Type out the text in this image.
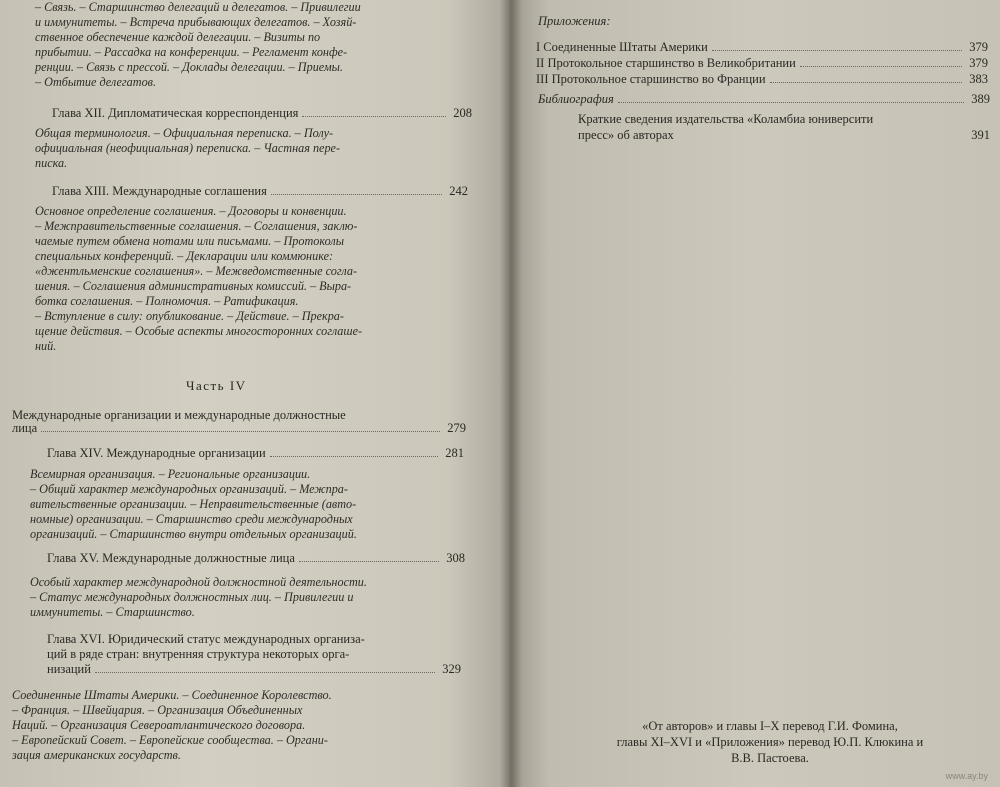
– Связь. – Старшинство делегаций и делегатов. – Привилегии
и иммунитеты. – Встреча прибывающих делегатов. – Хозяй-
ственное обеспечение каждой делегации. – Визиты по
прибытии. – Рассадка на конференции. – Регламент конфе-
ренции. – Связь с прессой. – Доклады делегации. – Приемы.
– Отбытие делегатов.
Глава XII. Дипломатическая корреспонденция	208
Общая терминология. – Официальная переписка. – Полу-
официальная (неофициальная) переписка. – Частная пере-
писка.
Глава XIII. Международные соглашения	242
Основное определение соглашения. – Договоры и конвенции.
– Межправительственные соглашения. – Соглашения, заклю-
чаемые путем обмена нотами или письмами. – Протоколы
специальных конференций. – Декларации или коммюнике:
«джентльменские соглашения». – Межведомственные согла-
шения. – Соглашения административных комиссий. – Выра-
ботка соглашения. – Полномочия. – Ратификация.
– Вступление в силу: опубликование. – Действие. – Прекра-
щение действия. – Особые аспекты многосторонних соглаше-
ний.
Часть IV
Международные организации и международные должностные
лица	279
Глава XIV. Международные организации	281
Всемирная организация. – Региональные организации.
– Общий характер международных организаций. – Межпра-
вительственные организации. – Неправительственные (авто-
номные) организации. – Старшинство среди международных
организаций. – Старшинство внутри отдельных организаций.
Глава XV. Международные должностные лица	308
Особый характер международной должностной деятельности.
– Статус международных должностных лиц. – Привилегии и
иммунитеты. – Старшинство.
Глава XVI. Юридический статус международных организа-
ций в ряде стран: внутренняя структура некоторых орга-
низаций	329
Соединенные Штаты Америки. – Соединенное Королевство.
– Франция. – Швейцария. – Организация Объединенных
Наций. – Организация Североатлантического договора.
– Европейский Совет. – Европейские сообщества. – Органи-
зация американских государств.
Приложения:
I Соединенные Штаты Америки	379
II Протокольное старшинство в Великобритании	379
III Протокольное старшинство во Франции	383
Библиография	389
Краткие сведения издательства «Коламбиа юниверсити
пресс» об авторах	391
«От авторов» и главы I–X перевод Г.И. Фомина,
главы XI–XVI и «Приложения» перевод Ю.П. Клюкина и
В.В. Пастоева.
www.ay.by
